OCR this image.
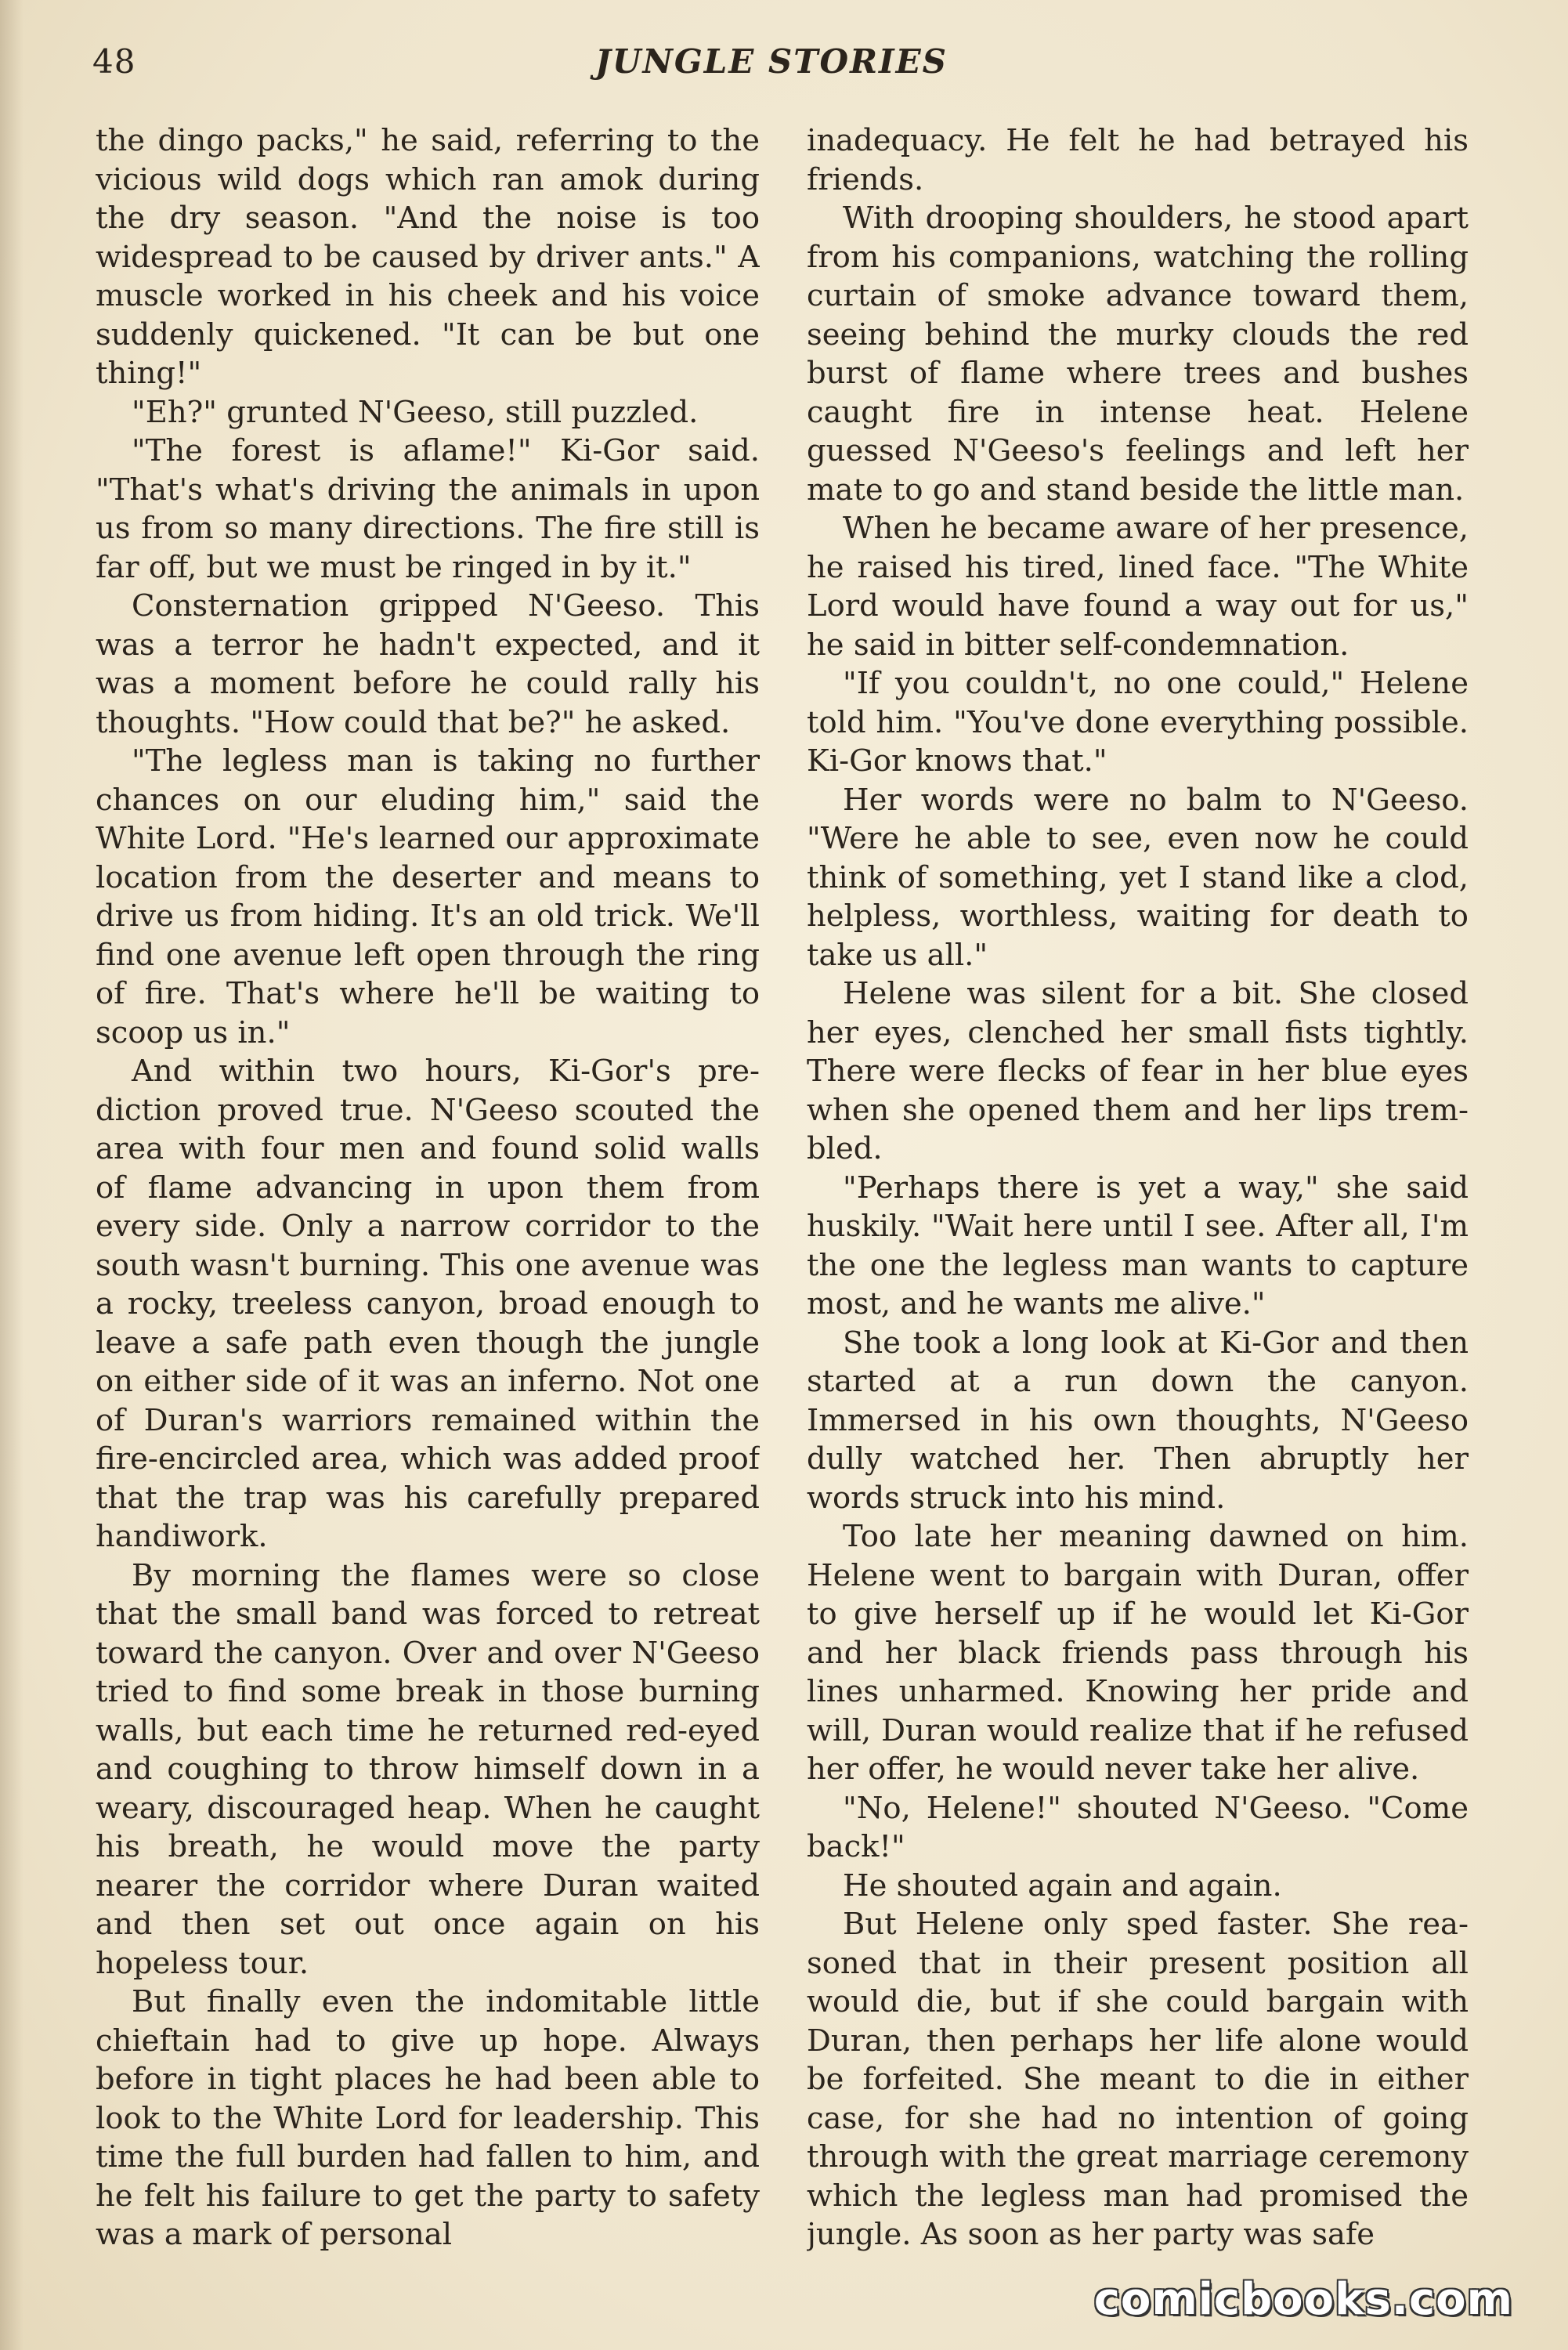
48	JUNGLE STORIES

the dingo packs," he said, referring to the vicious wild dogs which ran amok during the dry season. "And the noise is too widespread to be caused by driver ants." A muscle worked in his cheek and his voice suddenly quickened. "It can be but one thing!"

"Eh?" grunted N'Geeso, still puzzled.

"The forest is aflame!" Ki-Gor said. "That's what's driving the animals in upon us from so many directions. The fire still is far off, but we must be ringed in by it."

Consternation gripped N'Geeso. This was a terror he hadn't expected, and it was a moment before he could rally his thoughts. "How could that be?" he asked.

"The legless man is taking no further chances on our eluding him," said the White Lord. "He's learned our approximate location from the deserter and means to drive us from hiding. It's an old trick. We'll find one avenue left open through the ring of fire. That's where he'll be waiting to scoop us in."

And within two hours, Ki-Gor's prediction proved true. N'Geeso scouted the area with four men and found solid walls of flame advancing in upon them from every side. Only a narrow corridor to the south wasn't burning. This one avenue was a rocky, treeless canyon, broad enough to leave a safe path even though the jungle on either side of it was an inferno. Not one of Duran's warriors remained within the fire-encircled area, which was added proof that the trap was his carefully prepared handiwork.

By morning the flames were so close that the small band was forced to retreat toward the canyon. Over and over N'Geeso tried to find some break in those burning walls, but each time he returned red-eyed and coughing to throw himself down in a weary, discouraged heap. When he caught his breath, he would move the party nearer the corridor where Duran waited and then set out once again on his hopeless tour.

But finally even the indomitable little chieftain had to give up hope. Always before in tight places he had been able to look to the White Lord for leadership. This time the full burden had fallen to him, and he felt his failure to get the party to safety was a mark of personal

inadequacy. He felt he had betrayed his friends.

With drooping shoulders, he stood apart from his companions, watching the rolling curtain of smoke advance toward them, seeing behind the murky clouds the red burst of flame where trees and bushes caught fire in intense heat. Helene guessed N'Geeso's feelings and left her mate to go and stand beside the little man.

When he became aware of her presence, he raised his tired, lined face. "The White Lord would have found a way out for us," he said in bitter self-condemnation.

"If you couldn't, no one could," Helene told him. "You've done everything possible. Ki-Gor knows that."

Her words were no balm to N'Geeso. "Were he able to see, even now he could think of something, yet I stand like a clod, helpless, worthless, waiting for death to take us all."

Helene was silent for a bit. She closed her eyes, clenched her small fists tightly. There were flecks of fear in her blue eyes when she opened them and her lips trembled.

"Perhaps there is yet a way," she said huskily. "Wait here until I see. After all, I'm the one the legless man wants to capture most, and he wants me alive."

She took a long look at Ki-Gor and then started at a run down the canyon. Immersed in his own thoughts, N'Geeso dully watched her. Then abruptly her words struck into his mind.

Too late her meaning dawned on him. Helene went to bargain with Duran, offer to give herself up if he would let Ki-Gor and her black friends pass through his lines unharmed. Knowing her pride and will, Duran would realize that if he refused her offer, he would never take her alive.

"No, Helene!" shouted N'Geeso. "Come back!"

He shouted again and again.

But Helene only sped faster. She reasoned that in their present position all would die, but if she could bargain with Duran, then perhaps her life alone would be forfeited. She meant to die in either case, for she had no intention of going through with the great marriage ceremony which the legless man had promised the jungle. As soon as her party was safe

comicbooks.com
